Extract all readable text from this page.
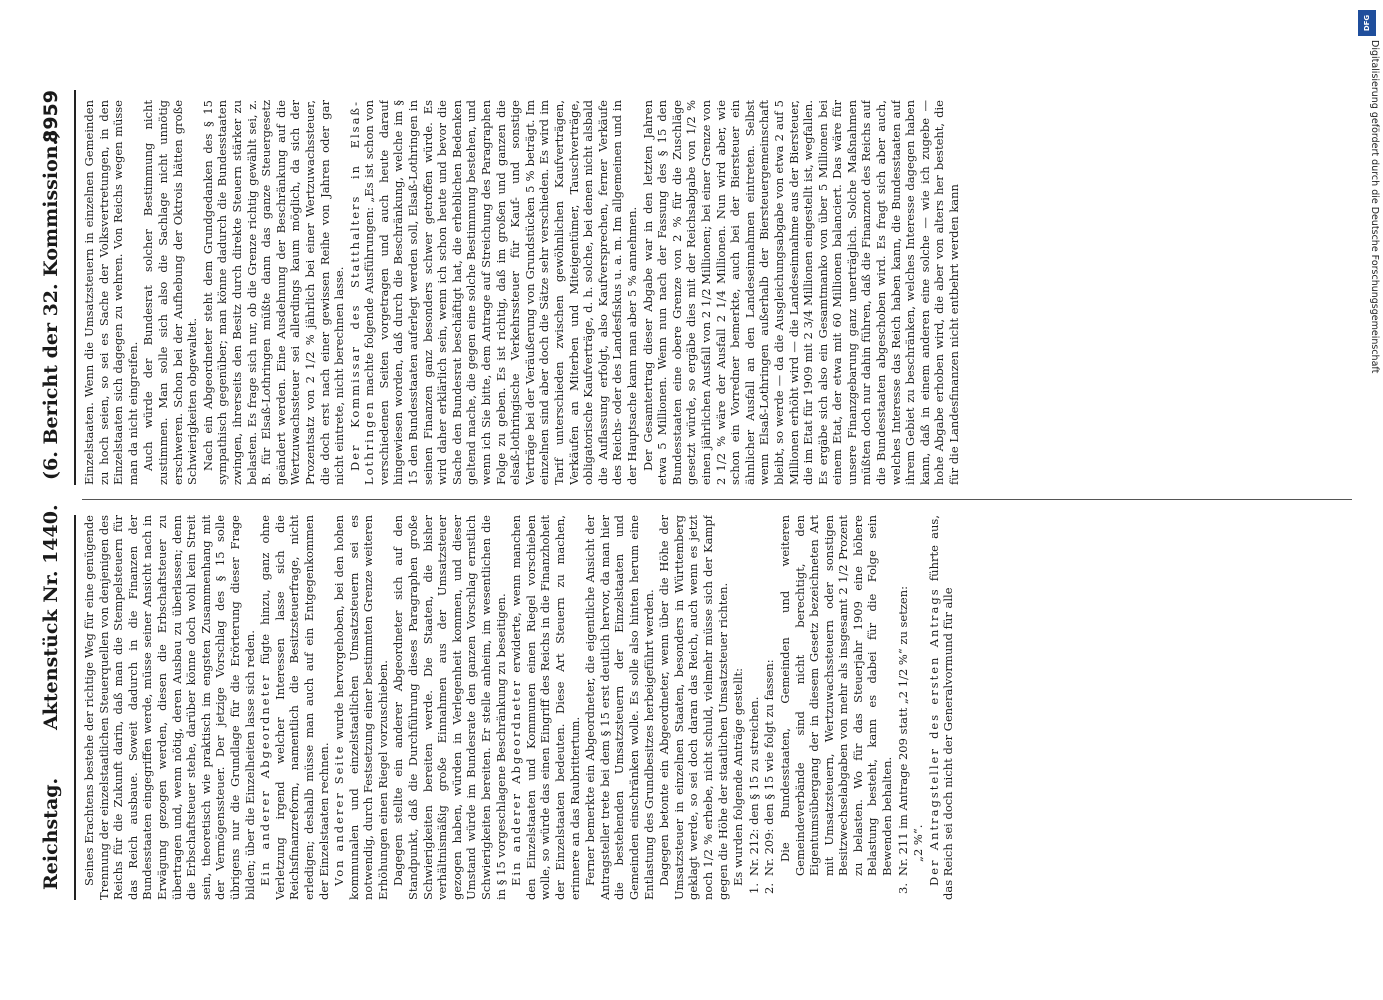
Reichstag.
Aktenstück Nr. 1440.
(6. Bericht der 32. Kommission.)
8959

Seines Erachtens bestehe der richtige Weg für eine genügende Trennung der einzelstaatlichen Steuerquellen von denjenigen des Reichs für die Zukunft darin, daß man die Stempelsteuern für das Reich ausbaue. Soweit dadurch in die Finanzen der Bundesstaaten eingegriffen werde, müsse seiner Ansicht nach in Erwägung gezogen werden, diesen die Erbschaftsteuer zu übertragen und, wenn nötig, deren Ausbau zu überlassen; denn die Erbschaftsteuer stehe, darüber könne doch wohl kein Streit sein, theoretisch wie praktisch im engsten Zusammenhang mit der Vermögenssteuer. Der jetzige Vorschlag des § 15 solle übrigens nur die Grundlage für die Erörterung dieser Frage bilden; über die Einzelheiten lasse sich reden. Ein anderer Abgeordneter fügte hinzu, ganz ohne Verletzung irgend welcher Interessen lasse sich die Reichsfinanzreform, namentlich die Besitzsteuerfrage, nicht erledigen; deshalb müsse man auch auf ein Entgegenkommen der Einzelstaaten rechnen. Von anderer Seite wurde hervorgehoben, bei den hohen kommunalen und einzelstaatlichen Umsatzsteuern sei es notwendig, durch Festsetzung einer bestimmten Grenze weiteren Erhöhungen einen Riegel vorzuschieben. Dagegen stellte ein anderer Abgeordneter sich auf den Standpunkt, daß die Durchführung dieses Paragraphen große Schwierigkeiten bereiten werde. Die Staaten, die bisher verhältnismäßig große Einnahmen aus der Umsatzsteuer gezogen haben, würden in Verlegenheit kommen, und dieser Umstand würde im Bundesrate den ganzen Vorschlag ernstlich Schwierigkeiten bereiten. Er stelle anheim, im wesentlichen die in § 15 vorgeschlagene Beschränkung zu beseitigen. Ein anderer Abgeordneter erwiderte, wenn manchen den Einzelstaaten und Kommunen einen Riegel vorschieben wolle, so würde das einen Eingriff des Reichs in die Finanzhoheit der Einzelstaaten bedeuten. Diese Art Steuern zu machen, erinnere an das Raubrittertum. Ferner bemerkte ein Abgeordneter, die eigentliche Ansicht der Antragsteller trete bei dem § 15 erst deutlich hervor, da man hier die bestehenden Umsatzsteuern der Einzelstaaten und Gemeinden einschränken wolle. Es solle also hinten herum eine Entlastung des Grundbesitzes herbeigeführt werden. Dagegen betonte ein Abgeordneter, wenn über die Höhe der Umsatzsteuer in einzelnen Staaten, besonders in Württemberg geklagt werde, so sei doch daran das Reich, auch wenn es jetzt noch 1/2 % erhebe, nicht schuld, vielmehr müsse sich der Kampf gegen die Höhe der staatlichen Umsatzsteuer richten. Es wurden folgende Anträge gestellt:

1.
Nr. 212: den § 15 zu streichen.

2.
Nr. 209: den § 15 wie folgt zu fassen: Die Bundesstaaten, Gemeinden und weiteren Gemeindeverbände sind nicht berechtigt, den Eigentumsübergang der in diesem Gesetz bezeichneten Art mit Umsatzsteuern, Wertzuwachssteuern oder sonstigen Besitzwechselabgaben von mehr als insgesamt 2 1/2 Prozent zu belasten. Wo für das Steuerjahr 1909 eine höhere Belastung besteht, kann es dabei für die Folge sein Bewenden behalten.

3.
Nr. 211 im Antrage 209 statt „2 1/2 %“ zu setzen: „2 %“. Der Antragsteller des ersten Antrags führte aus, das Reich sei doch nicht der Generalvormund für alle

Einzelstaaten. Wenn die Umsatzsteuern in einzelnen Gemeinden zu hoch seien, so sei es Sache der Volksvertretungen, in den Einzelstaaten sich dagegen zu wehren. Von Reichs wegen müsse man da nicht eingreifen. Auch würde der Bundesrat solcher Bestimmung nicht zustimmen. Man solle sich also die Sachlage nicht unnötig erschweren. Schon bei der Aufhebung der Oktrois hätten große Schwierigkeiten obgewaltet. Nach ein Abgeordneter steht dem Grundgedanken des § 15 sympathisch gegenüber; man könne dadurch die Bundesstaaten zwingen, ihrerseits den Besitz durch direkte Steuern stärker zu belasten. Es frage sich nur, ob die Grenze richtig gewählt sei, z. B. für Elsaß-Lothringen müßte dann das ganze Steuergesetz geändert werden. Eine Ausdehnung der Beschränkung auf die Wertzuwachssteuer sei allerdings kaum möglich, da sich der Prozentsatz von 2 1/2 % jährlich bei einer Wertzuwachssteuer, die doch erst nach einer gewissen Reihe von Jahren oder gar nicht eintrete, nicht berechnen lasse. Der Kommissar des Statthalters in Elsaß-Lothringen machte folgende Ausführungen: „Es ist schon von verschiedenen Seiten vorgetragen und auch heute darauf hingewiesen worden, daß durch die Beschränkung, welche im § 15 den Bundesstaaten auferlegt werden soll, Elsaß-Lothringen in seinen Finanzen ganz besonders schwer getroffen würde. Es wird daher erklärlich sein, wenn ich schon heute und bevor die Sache den Bundesrat beschäftigt hat, die erheblichen Bedenken geltend mache, die gegen eine solche Bestimmung bestehen, und wenn ich Sie bitte, dem Antrage auf Streichung des Paragraphen Folge zu geben. Es ist richtig, daß im großen und ganzen die elsaß-lothringische Verkehrssteuer für Kauf- und sonstige Verträge bei der Veräußerung von Grundstücken 5 % beträgt. Im einzelnen sind aber doch die Sätze sehr verschieden. Es wird im Tarif unterschieden zwischen gewöhnlichen Kaufverträgen, Verkäufen an Miterben und Miteigentümer, Tauschverträge, obligatorische Kaufverträge, d. h. solche, bei denen nicht alsbald die Auflassung erfolgt, also Kaufversprechen, ferner Verkäufe des Reichs- oder des Landesfiskus u. a. m. Im allgemeinen und in der Hauptsache kann man aber 5 % annehmen. Der Gesamtertrag dieser Abgabe war in den letzten Jahren etwa 5 Millionen. Wenn nun nach der Fassung des § 15 den Bundesstaaten eine obere Grenze von 2 % für die Zuschläge gesetzt würde, so ergäbe dies mit der Reichsabgabe von 1/2 % einen jährlichen Ausfall von 2 1/2 Millionen; bei einer Grenze von 2 1/2 % wäre der Ausfall 2 1/4 Millionen. Nun wird aber, wie schon ein Vorredner bemerkte, auch bei der Biersteuer ein ähnlicher Ausfall an den Landeseinnahmen eintreten. Selbst wenn Elsaß-Lothringen außerhalb der Biersteuergemeinschaft bleibt, so werde — da die Ausgleichungsabgabe von etwa 2 auf 5 Millionen erhöht wird — die Landeseinnahme aus der Biersteuer, die im Etat für 1909 mit 2 3/4 Millionen eingestellt ist, wegfallen. Es ergäbe sich also ein Gesamtmanko von über 5 Millionen bei einem Etat, der etwa mit 60 Millionen balanciert. Das wäre für unsere Finanzgebarung ganz unerträglich. Solche Maßnahmen müßten doch nur dahin führen, daß die Finanznot des Reichs auf die Bundesstaaten abgeschoben wird. Es fragt sich aber auch, welches Interesse das Reich haben kann, die Bundesstaaten auf ihrem Gebiet zu beschränken, welches Interesse dagegen haben kann, daß in einem anderen eine solche — wie ich zugebe — hohe Abgabe erhoben wird, die aber von alters her besteht, die für die Landesfinanzen nicht entbehrt werden kann

DFG
Digitalisierung gefördert durch die Deutsche Forschungsgemeinschaft
